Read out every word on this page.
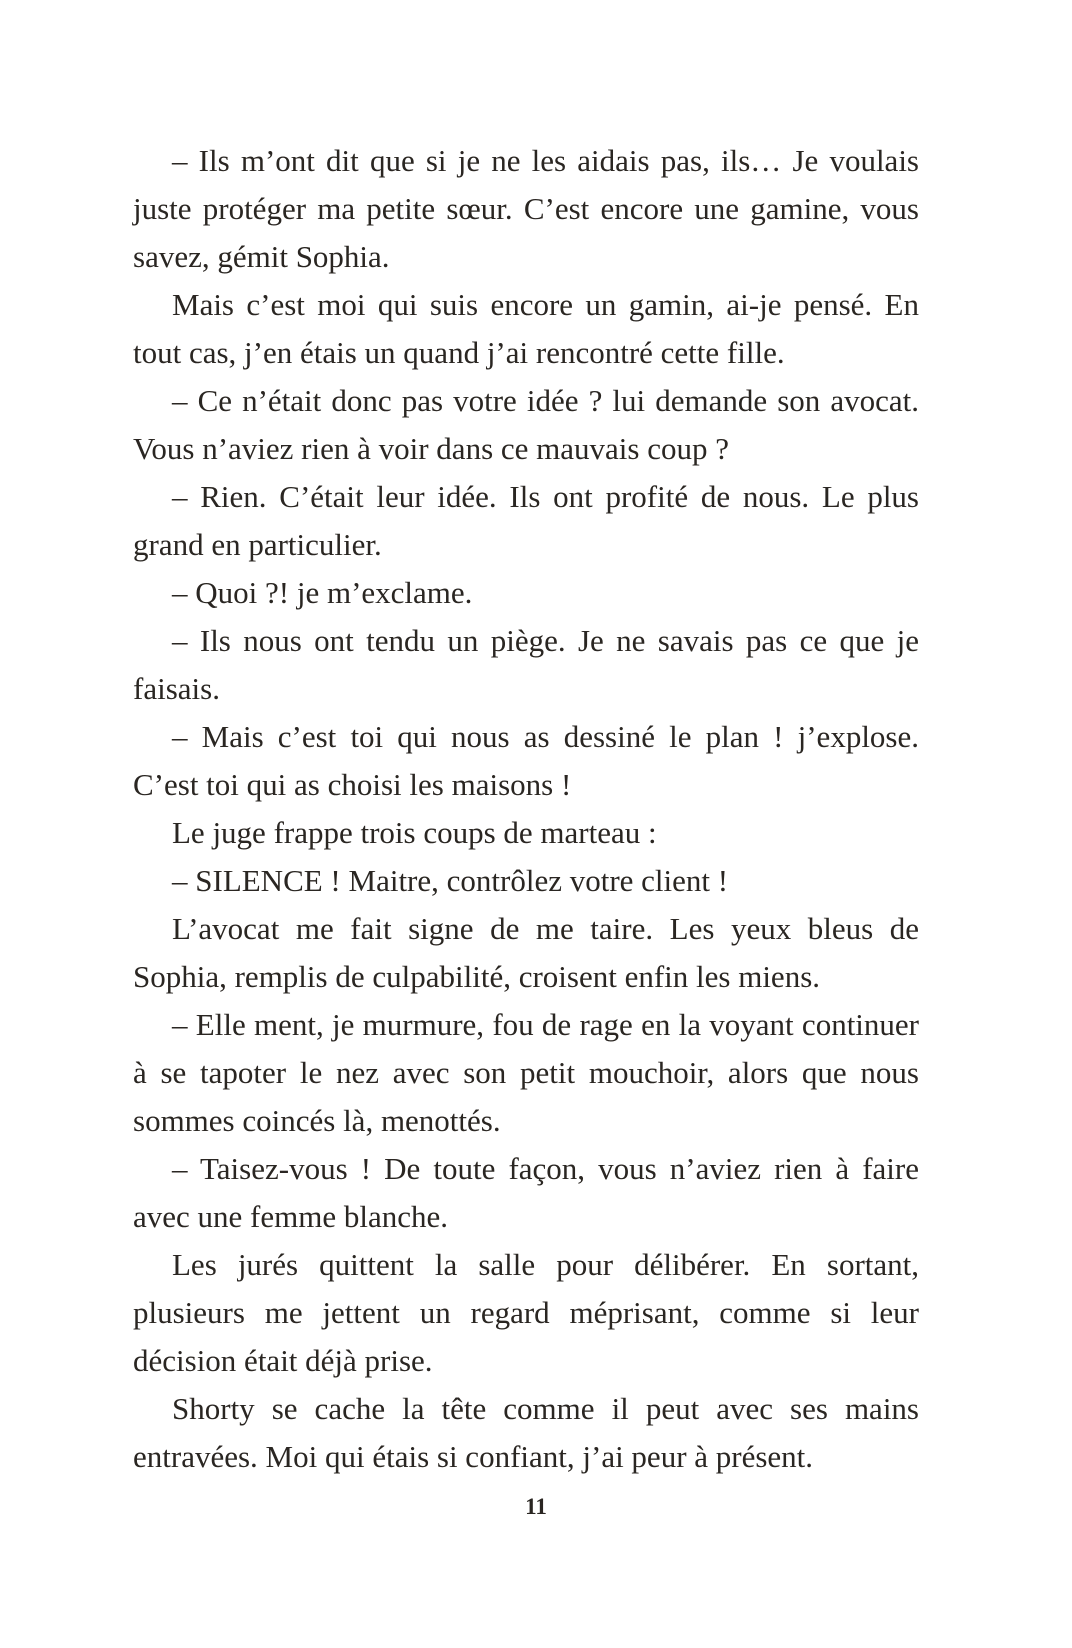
– Ils m’ont dit que si je ne les aidais pas, ils… Je voulais juste protéger ma petite sœur. C’est encore une gamine, vous savez, gémit Sophia.

Mais c’est moi qui suis encore un gamin, ai-je pensé. En tout cas, j’en étais un quand j’ai rencontré cette fille.

– Ce n’était donc pas votre idée ? lui demande son avocat. Vous n’aviez rien à voir dans ce mauvais coup ?

– Rien. C’était leur idée. Ils ont profité de nous. Le plus grand en particulier.

– Quoi ?! je m’exclame.

– Ils nous ont tendu un piège. Je ne savais pas ce que je faisais.

– Mais c’est toi qui nous as dessiné le plan ! j’explose. C’est toi qui as choisi les maisons !

Le juge frappe trois coups de marteau :

– SILENCE ! Maitre, contrôlez votre client !

L’avocat me fait signe de me taire. Les yeux bleus de Sophia, remplis de culpabilité, croisent enfin les miens.

– Elle ment, je murmure, fou de rage en la voyant continuer à se tapoter le nez avec son petit mouchoir, alors que nous sommes coincés là, menottés.

– Taisez-vous ! De toute façon, vous n’aviez rien à faire avec une femme blanche.

Les jurés quittent la salle pour délibérer. En sortant, plusieurs me jettent un regard méprisant, comme si leur décision était déjà prise.

Shorty se cache la tête comme il peut avec ses mains entravées. Moi qui étais si confiant, j’ai peur à présent.

11
